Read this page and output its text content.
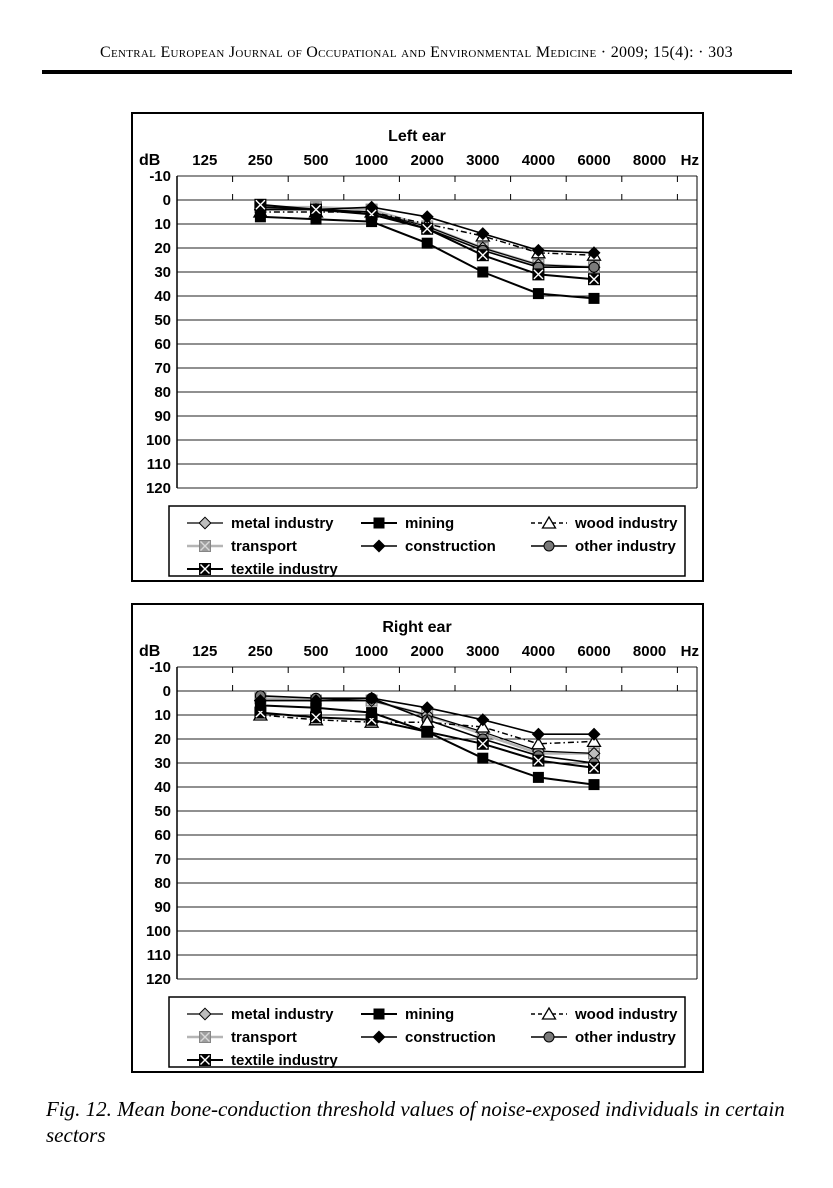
Central European Journal of Occupational and Environmental Medicine · 2009; 15(4): · 303
Left ear
dB	Hz
125 250 500 1000 2000 3000 4000 6000 8000
-10
0
10
20
30
40
50
60
70
80
90
100
110
120
metal industry	mining	wood industry
transport	construction	other industry
textile industry
Right ear
dB	Hz
125 250 500 1000 2000 3000 4000 6000 8000
-10
0
10
20
30
40
50
60
70
80
90
100
110
120
metal industry	mining	wood industry
transport	construction	other industry
textile industry
Fig. 12. Mean bone-conduction threshold values of noise-exposed individuals in certain sectors
